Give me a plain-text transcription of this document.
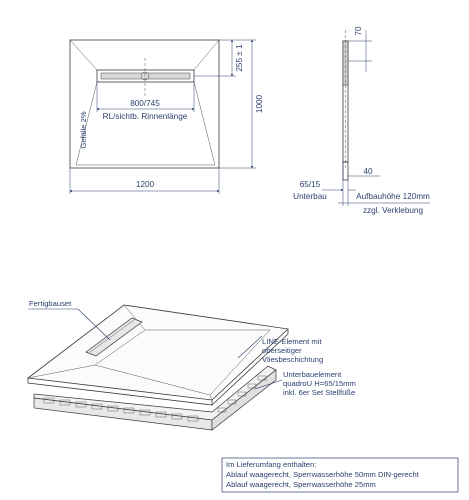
800/745
RL/sichtb. Rinnenlänge
Gefälle 2%
255 ± 1
1000
1200
70
40
65/15
Unterbau	Aufbauhöhe 120mm
zzgl. Verklebung
Fertigbauset
LINE-Element mit
oberseitiger
Vliesbeschichtung
Unterbauelement
quadroU H=65/15mm
inkl. 6er Set Stellfüße
Im Lieferumfang enthalten:
Ablauf waagerecht, Sperrwasserhöhe 50mm DIN-gerecht
Ablauf waagerecht, Sperrwasserhöhe 25mm
